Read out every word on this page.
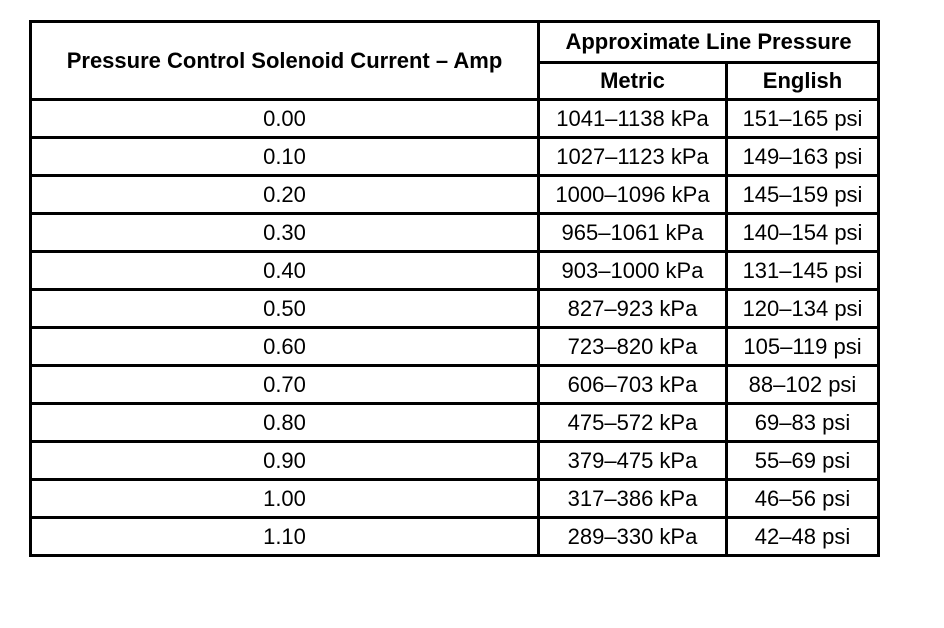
Pressure Control Solenoid Current – Amp	Approximate Line Pressure	
	Metric	English
0.00	1041–1138 kPa	151–165 psi
0.10	1027–1123 kPa	149–163 psi
0.20	1000–1096 kPa	145–159 psi
0.30	965–1061 kPa	140–154 psi
0.40	903–1000 kPa	131–145 psi
0.50	827–923 kPa	120–134 psi
0.60	723–820 kPa	105–119 psi
0.70	606–703 kPa	88–102 psi
0.80	475–572 kPa	69–83 psi
0.90	379–475 kPa	55–69 psi
1.00	317–386 kPa	46–56 psi
1.10	289–330 kPa	42–48 psi
